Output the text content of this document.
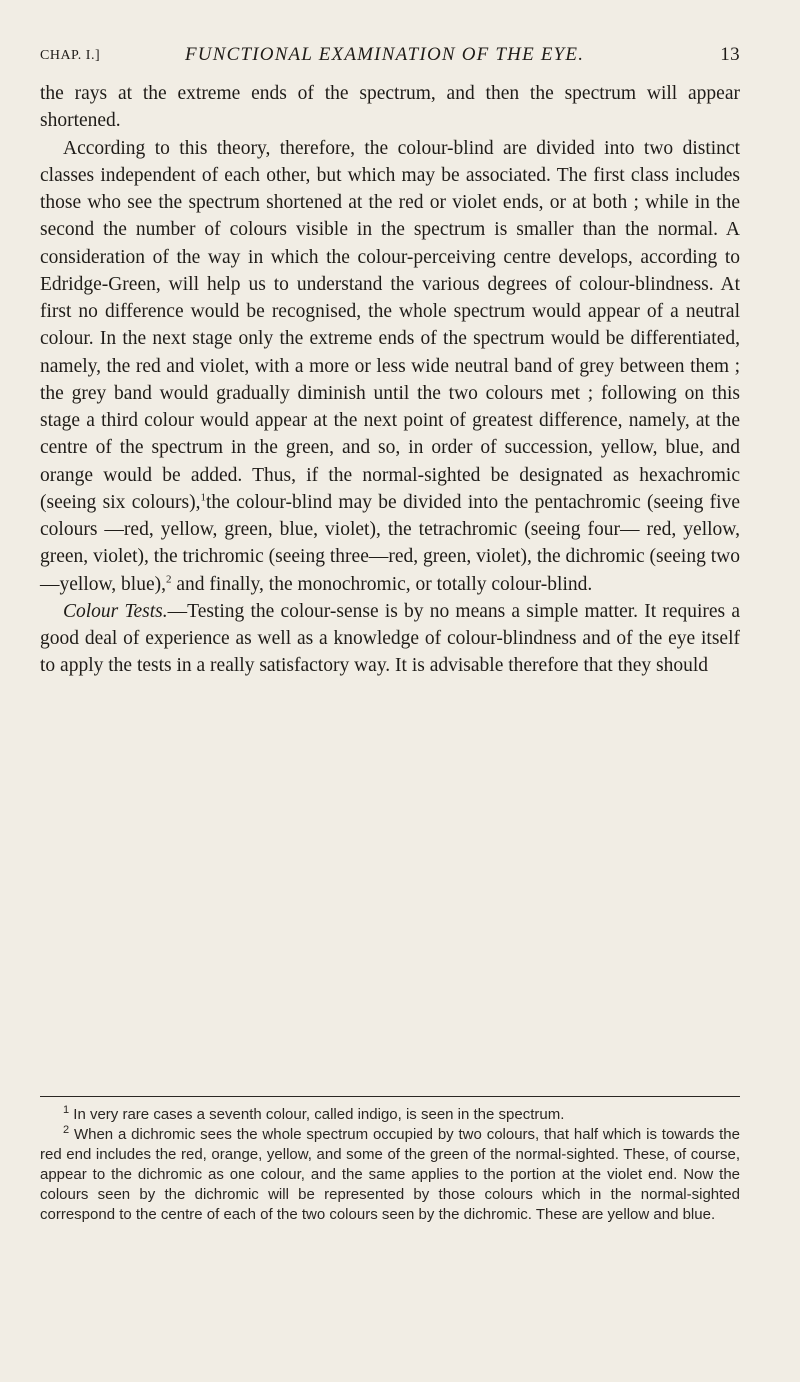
CHAP. I.]	FUNCTIONAL EXAMINATION OF THE EYE.	13

the rays at the extreme ends of the spectrum, and then the spectrum will appear shortened.

According to this theory, therefore, the colour-blind are divided into two distinct classes independent of each other, but which may be associated. The first class includes those who see the spectrum shortened at the red or violet ends, or at both ; while in the second the number of colours visible in the spectrum is smaller than the normal. A consideration of the way in which the colour-perceiving centre develops, according to Edridge-Green, will help us to understand the various degrees of colour-blindness. At first no difference would be recognised, the whole spectrum would appear of a neutral colour. In the next stage only the extreme ends of the spectrum would be differentiated, namely, the red and violet, with a more or less wide neutral band of grey between them ; the grey band would gradually diminish until the two colours met ; following on this stage a third colour would appear at the next point of greatest difference, namely, at the centre of the spectrum in the green, and so, in order of succession, yellow, blue, and orange would be added. Thus, if the normal-sighted be designated as hexachromic (seeing six colours),$^1$the colour-blind may be divided into the pentachromic (seeing five colours —red, yellow, green, blue, violet), the tetrachromic (seeing four— red, yellow, green, violet), the trichromic (seeing three—red, green, violet), the dichromic (seeing two—yellow, blue),$^2$ and finally, the monochromic, or totally colour-blind.

Colour Tests.—Testing the colour-sense is by no means a simple matter. It requires a good deal of experience as well as a knowledge of colour-blindness and of the eye itself to apply the tests in a really satisfactory way. It is advisable therefore that they should

$^1$ In very rare cases a seventh colour, called indigo, is seen in the spectrum.

$^2$ When a dichromic sees the whole spectrum occupied by two colours, that half which is towards the red end includes the red, orange, yellow, and some of the green of the normal-sighted. These, of course, appear to the dichromic as one colour, and the same applies to the portion at the violet end. Now the colours seen by the dichromic will be represented by those colours which in the normal-sighted correspond to the centre of each of the two colours seen by the dichromic. These are yellow and blue.
